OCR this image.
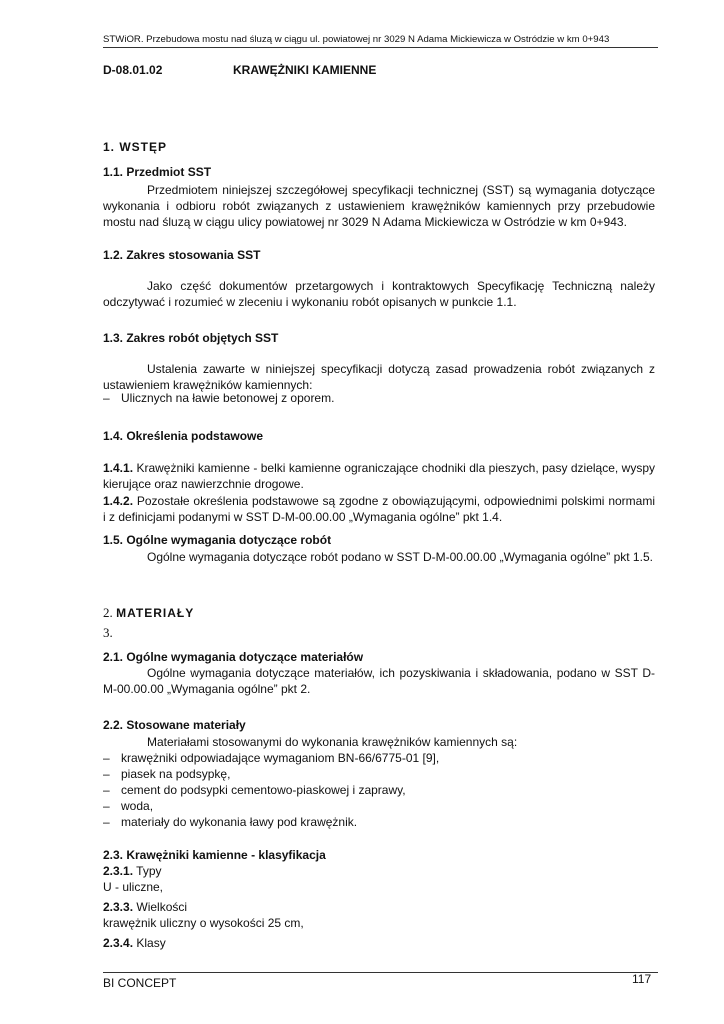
STWiOR. Przebudowa mostu nad śluzą w ciągu ul. powiatowej nr 3029 N Adama Mickiewicza w Ostródzie w km 0+943
D-08.01.02	KRAWĘŻNIKI KAMIENNE
1. WSTĘP
1.1. Przedmiot SST
Przedmiotem niniejszej szczegółowej specyfikacji technicznej (SST) są wymagania dotyczące wykonania i odbioru robót związanych z ustawieniem krawężników kamiennych przy przebudowie mostu nad śluzą w ciągu ulicy powiatowej nr 3029 N Adama Mickiewicza w Ostródzie w km 0+943.
1.2. Zakres stosowania SST
Jako część dokumentów przetargowych i kontraktowych Specyfikację Techniczną należy odczytywać i rozumieć w zleceniu i wykonaniu robót opisanych w punkcie 1.1.
1.3. Zakres robót objętych SST
Ustalenia zawarte w niniejszej specyfikacji dotyczą zasad prowadzenia robót związanych z ustawieniem krawężników kamiennych:
– Ulicznych na ławie betonowej z oporem.
1.4. Określenia podstawowe
1.4.1. Krawężniki kamienne - belki kamienne ograniczające chodniki dla pieszych, pasy dzielące, wyspy kierujące oraz nawierzchnie drogowe.
1.4.2. Pozostałe określenia podstawowe są zgodne z obowiązującymi, odpowiednimi polskimi normami i z definicjami podanymi w SST D-M-00.00.00 „Wymagania ogólne” pkt 1.4.
1.5. Ogólne wymagania dotyczące robót
Ogólne wymagania dotyczące robót podano w SST D-M-00.00.00 „Wymagania ogólne” pkt 1.5.
2. MATERIAŁY
3.
2.1. Ogólne wymagania dotyczące materiałów
Ogólne wymagania dotyczące materiałów, ich pozyskiwania i składowania, podano w SST D-M-00.00.00 „Wymagania ogólne” pkt 2.
2.2. Stosowane materiały
Materiałami stosowanymi do wykonania krawężników kamiennych są:
– krawężniki odpowiadające wymaganiom BN-66/6775-01 [9],
– piasek na podsypkę,
– cement do podsypki cementowo-piaskowej i zaprawy,
– woda,
– materiały do wykonania ławy pod krawężnik.
2.3. Krawężniki kamienne - klasyfikacja
2.3.1. Typy
U - uliczne,
2.3.3. Wielkości
krawężnik uliczny o wysokości 25 cm,
2.3.4. Klasy
BI CONCEPT	117
